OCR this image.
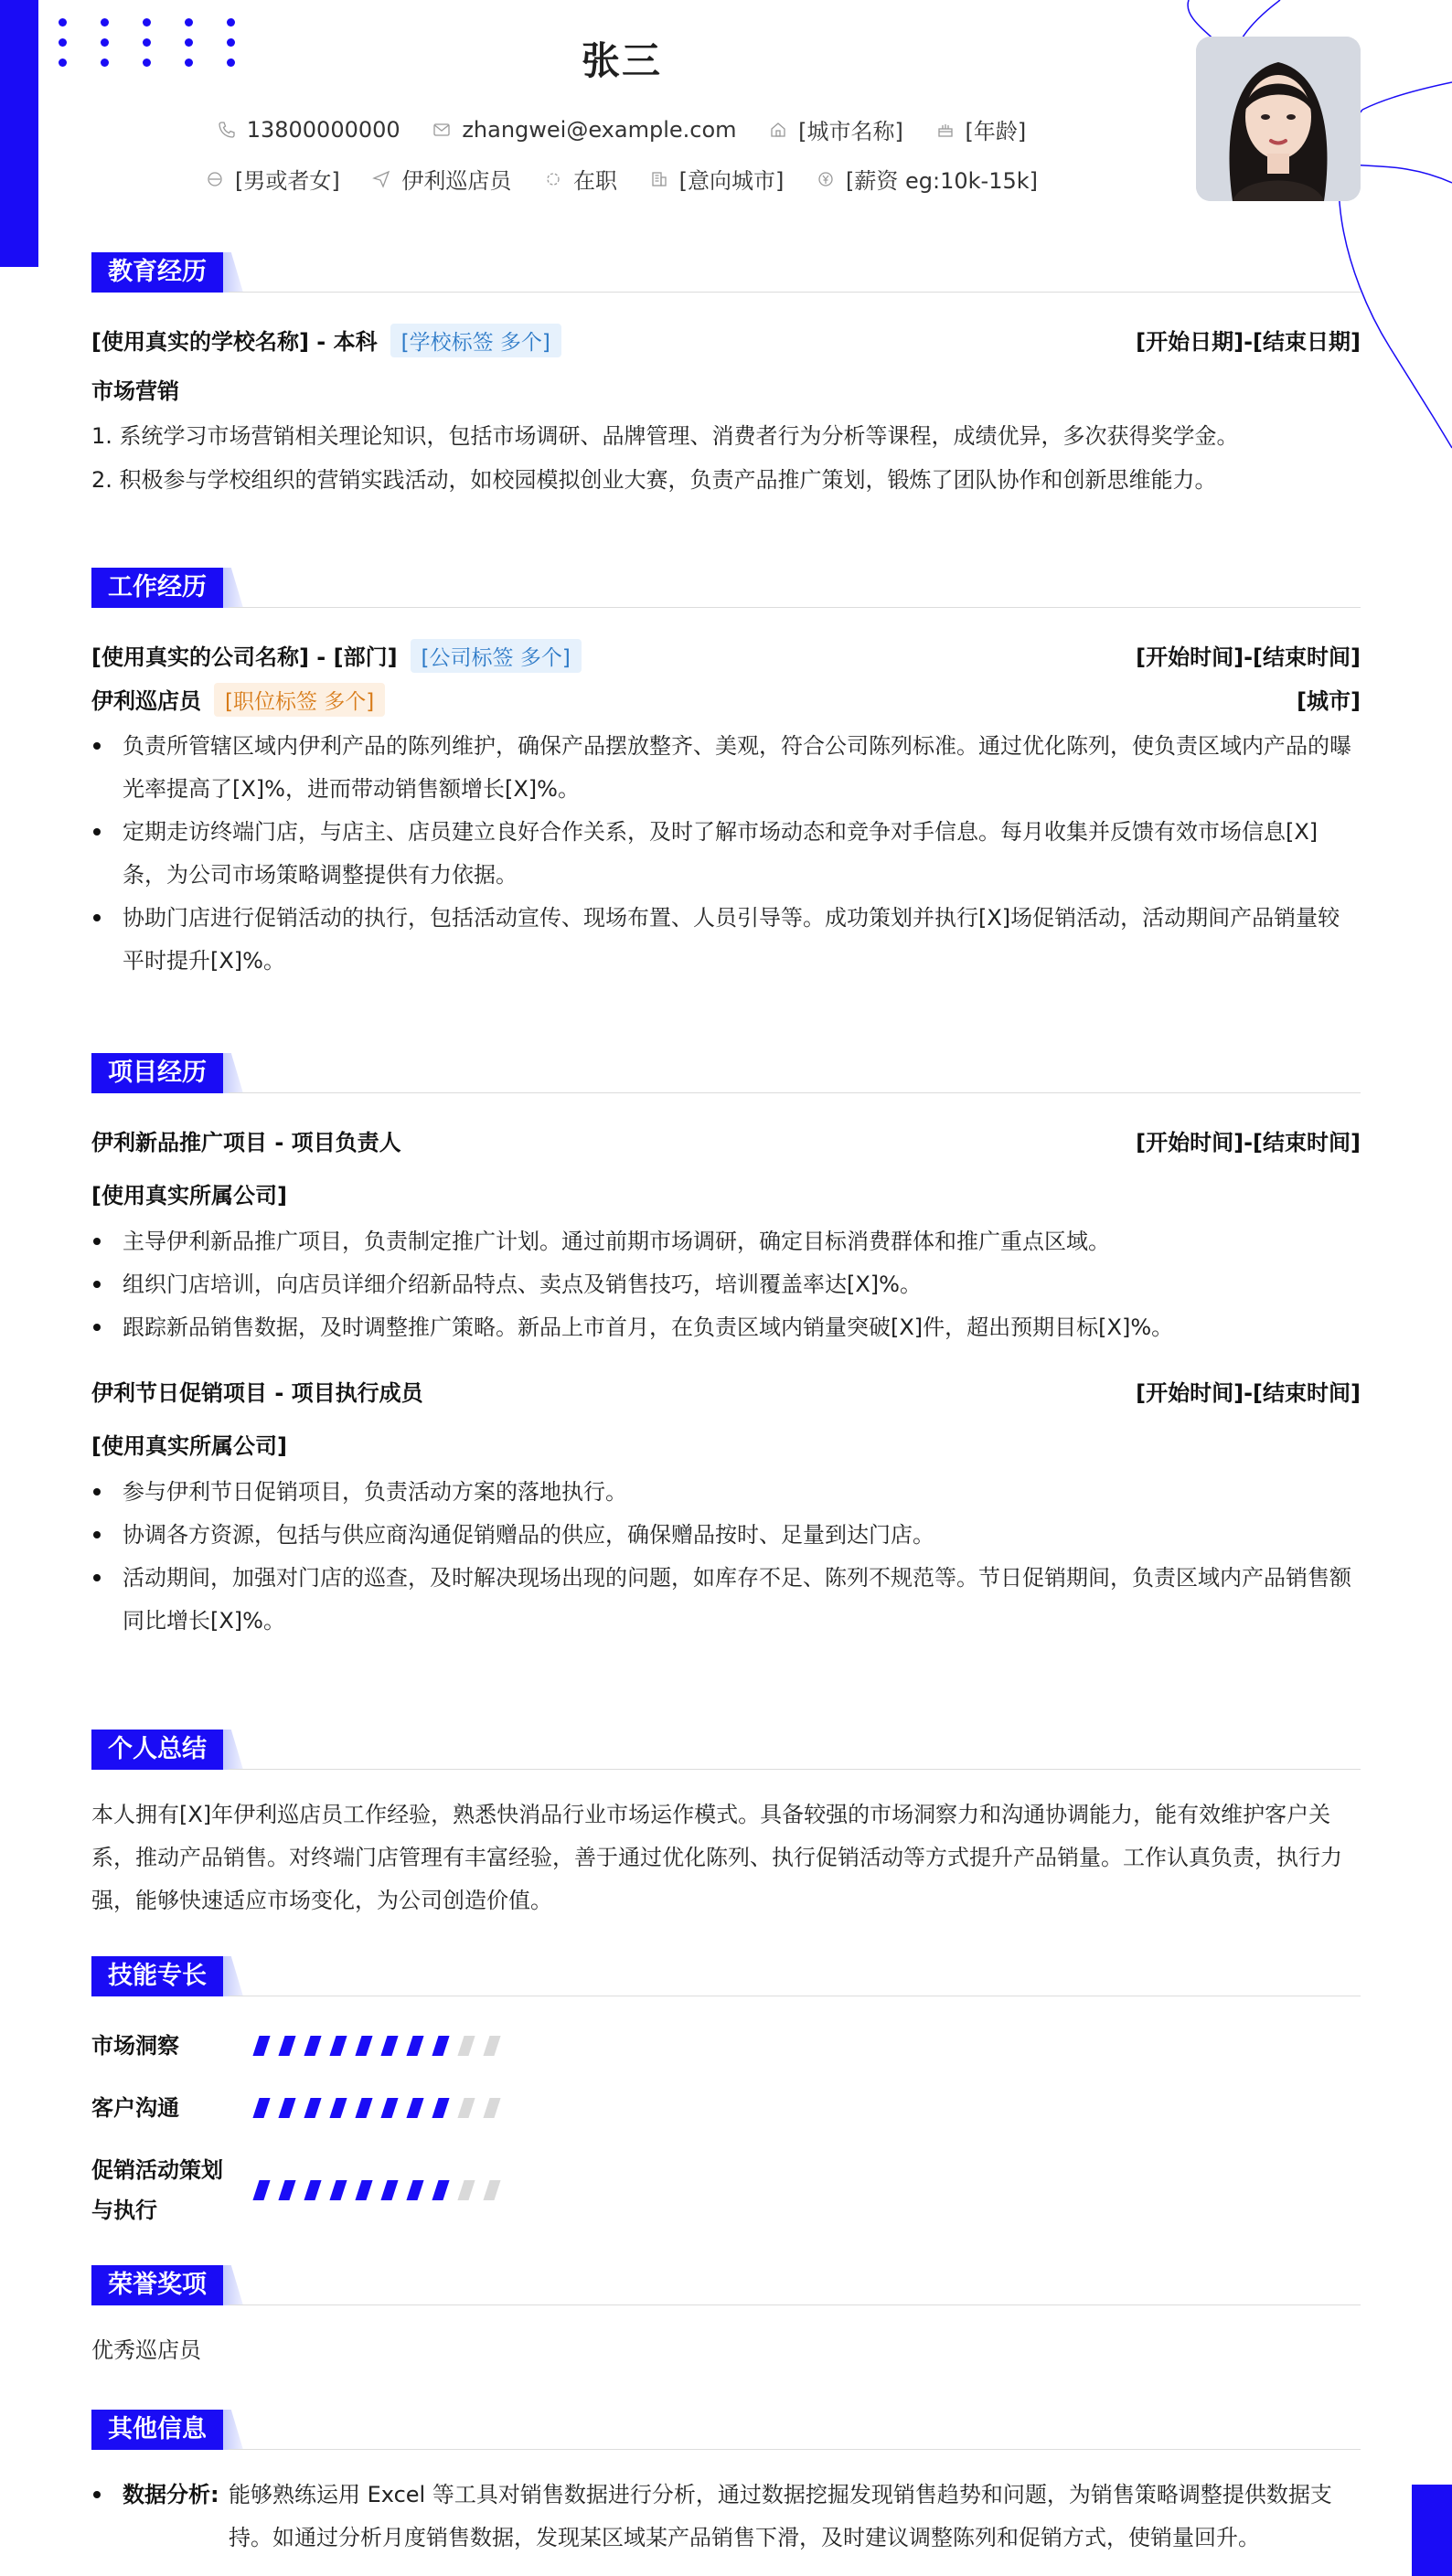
张三
13800000000
	zhangwei@example.com
	[城市名称]
	[年龄]
[男或者女]
	伊利巡店员
	在职
	[意向城市]
	[薪资 eg:10k-15k]
教育经历
[使用真实的学校名称] - 本科 [学校标签 多个]	[开始日期]-[结束日期]
市场营销
1. 系统学习市场营销相关理论知识，包括市场调研、品牌管理、消费者行为分析等课程，成绩优异，多次获得奖学金。
2. 积极参与学校组织的营销实践活动，如校园模拟创业大赛，负责产品推广策划，锻炼了团队协作和创新思维能力。
工作经历
[使用真实的公司名称] - [部门] [公司标签 多个]	[开始时间]-[结束时间]
伊利巡店员 [职位标签 多个]	[城市]
负责所管辖区域内伊利产品的陈列维护，确保产品摆放整齐、美观，符合公司陈列标准。通过优化陈列，使负责区域内产品的曝光率提高了[X]%，进而带动销售额增长[X]%。
定期走访终端门店，与店主、店员建立良好合作关系，及时了解市场动态和竞争对手信息。每月收集并反馈有效市场信息[X]条，为公司市场策略调整提供有力依据。
协助门店进行促销活动的执行，包括活动宣传、现场布置、人员引导等。成功策划并执行[X]场促销活动，活动期间产品销量较平时提升[X]%。
项目经历
伊利新品推广项目 - 项目负责人	[开始时间]-[结束时间]
[使用真实所属公司]
主导伊利新品推广项目，负责制定推广计划。通过前期市场调研，确定目标消费群体和推广重点区域。
组织门店培训，向店员详细介绍新品特点、卖点及销售技巧，培训覆盖率达[X]%。
跟踪新品销售数据，及时调整推广策略。新品上市首月，在负责区域内销量突破[X]件，超出预期目标[X]%。
伊利节日促销项目 - 项目执行成员	[开始时间]-[结束时间]
[使用真实所属公司]
参与伊利节日促销项目，负责活动方案的落地执行。
协调各方资源，包括与供应商沟通促销赠品的供应，确保赠品按时、足量到达门店。
活动期间，加强对门店的巡查，及时解决现场出现的问题，如库存不足、陈列不规范等。节日促销期间，负责区域内产品销售额同比增长[X]%。
个人总结
本人拥有[X]年伊利巡店员工作经验，熟悉快消品行业市场运作模式。具备较强的市场洞察力和沟通协调能力，能有效维护客户关系，推动产品销售。对终端门店管理有丰富经验，善于通过优化陈列、执行促销活动等方式提升产品销量。工作认真负责，执行力强，能够快速适应市场变化，为公司创造价值。
技能专长
市场洞察
客户沟通
促销活动策划与执行
荣誉奖项
优秀巡店员
其他信息
数据分析: 能够熟练运用 Excel 等工具对销售数据进行分析，通过数据挖掘发现销售趋势和问题，为销售策略调整提供数据支持。如通过分析月度销售数据，发现某区域某产品销售下滑，及时建议调整陈列和促销方式，使销量回升。
